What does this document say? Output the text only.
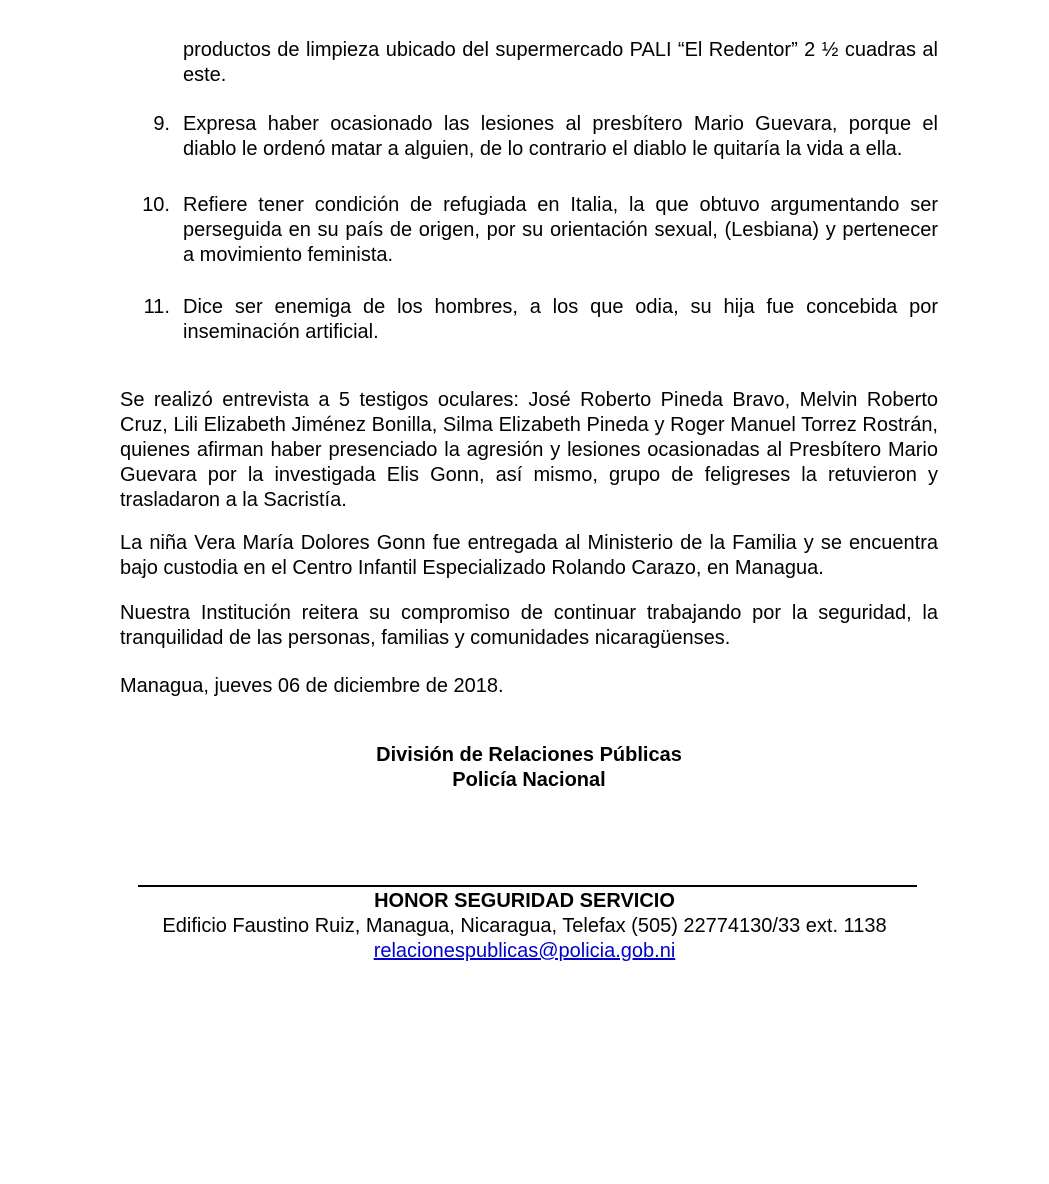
productos de limpieza ubicado del supermercado PALI “El Redentor” 2 ½ cuadras al este.

9. Expresa haber ocasionado las lesiones al presbítero Mario Guevara, porque el diablo le ordenó matar a alguien, de lo contrario el diablo le quitaría la vida a ella.
10. Refiere tener condición de refugiada en Italia, la que obtuvo argumentando ser perseguida en su país de origen, por su orientación sexual, (Lesbiana) y pertenecer a movimiento feminista.
11. Dice ser enemiga de los hombres, a los que odia, su hija fue concebida por inseminación artificial.

Se realizó entrevista a 5 testigos oculares: José Roberto Pineda Bravo, Melvin Roberto Cruz, Lili Elizabeth Jiménez Bonilla, Silma Elizabeth Pineda y Roger Manuel Torrez Rostrán, quienes afirman haber presenciado la agresión y lesiones ocasionadas al Presbítero Mario Guevara por la investigada Elis Gonn, así mismo, grupo de feligreses la retuvieron y trasladaron a la Sacristía.

La niña Vera María Dolores Gonn fue entregada al Ministerio de la Familia y se encuentra bajo custodia en el Centro Infantil Especializado Rolando Carazo, en Managua.

Nuestra Institución reitera su compromiso de continuar trabajando por la seguridad, la tranquilidad de las personas, familias y comunidades nicaragüenses.

Managua, jueves 06 de diciembre de 2018.

División de Relaciones Públicas
Policía Nacional
HONOR SEGURIDAD SERVICIO
Edificio Faustino Ruiz, Managua, Nicaragua, Telefax (505) 22774130/33 ext. 1138
relacionespublicas@policia.gob.ni
